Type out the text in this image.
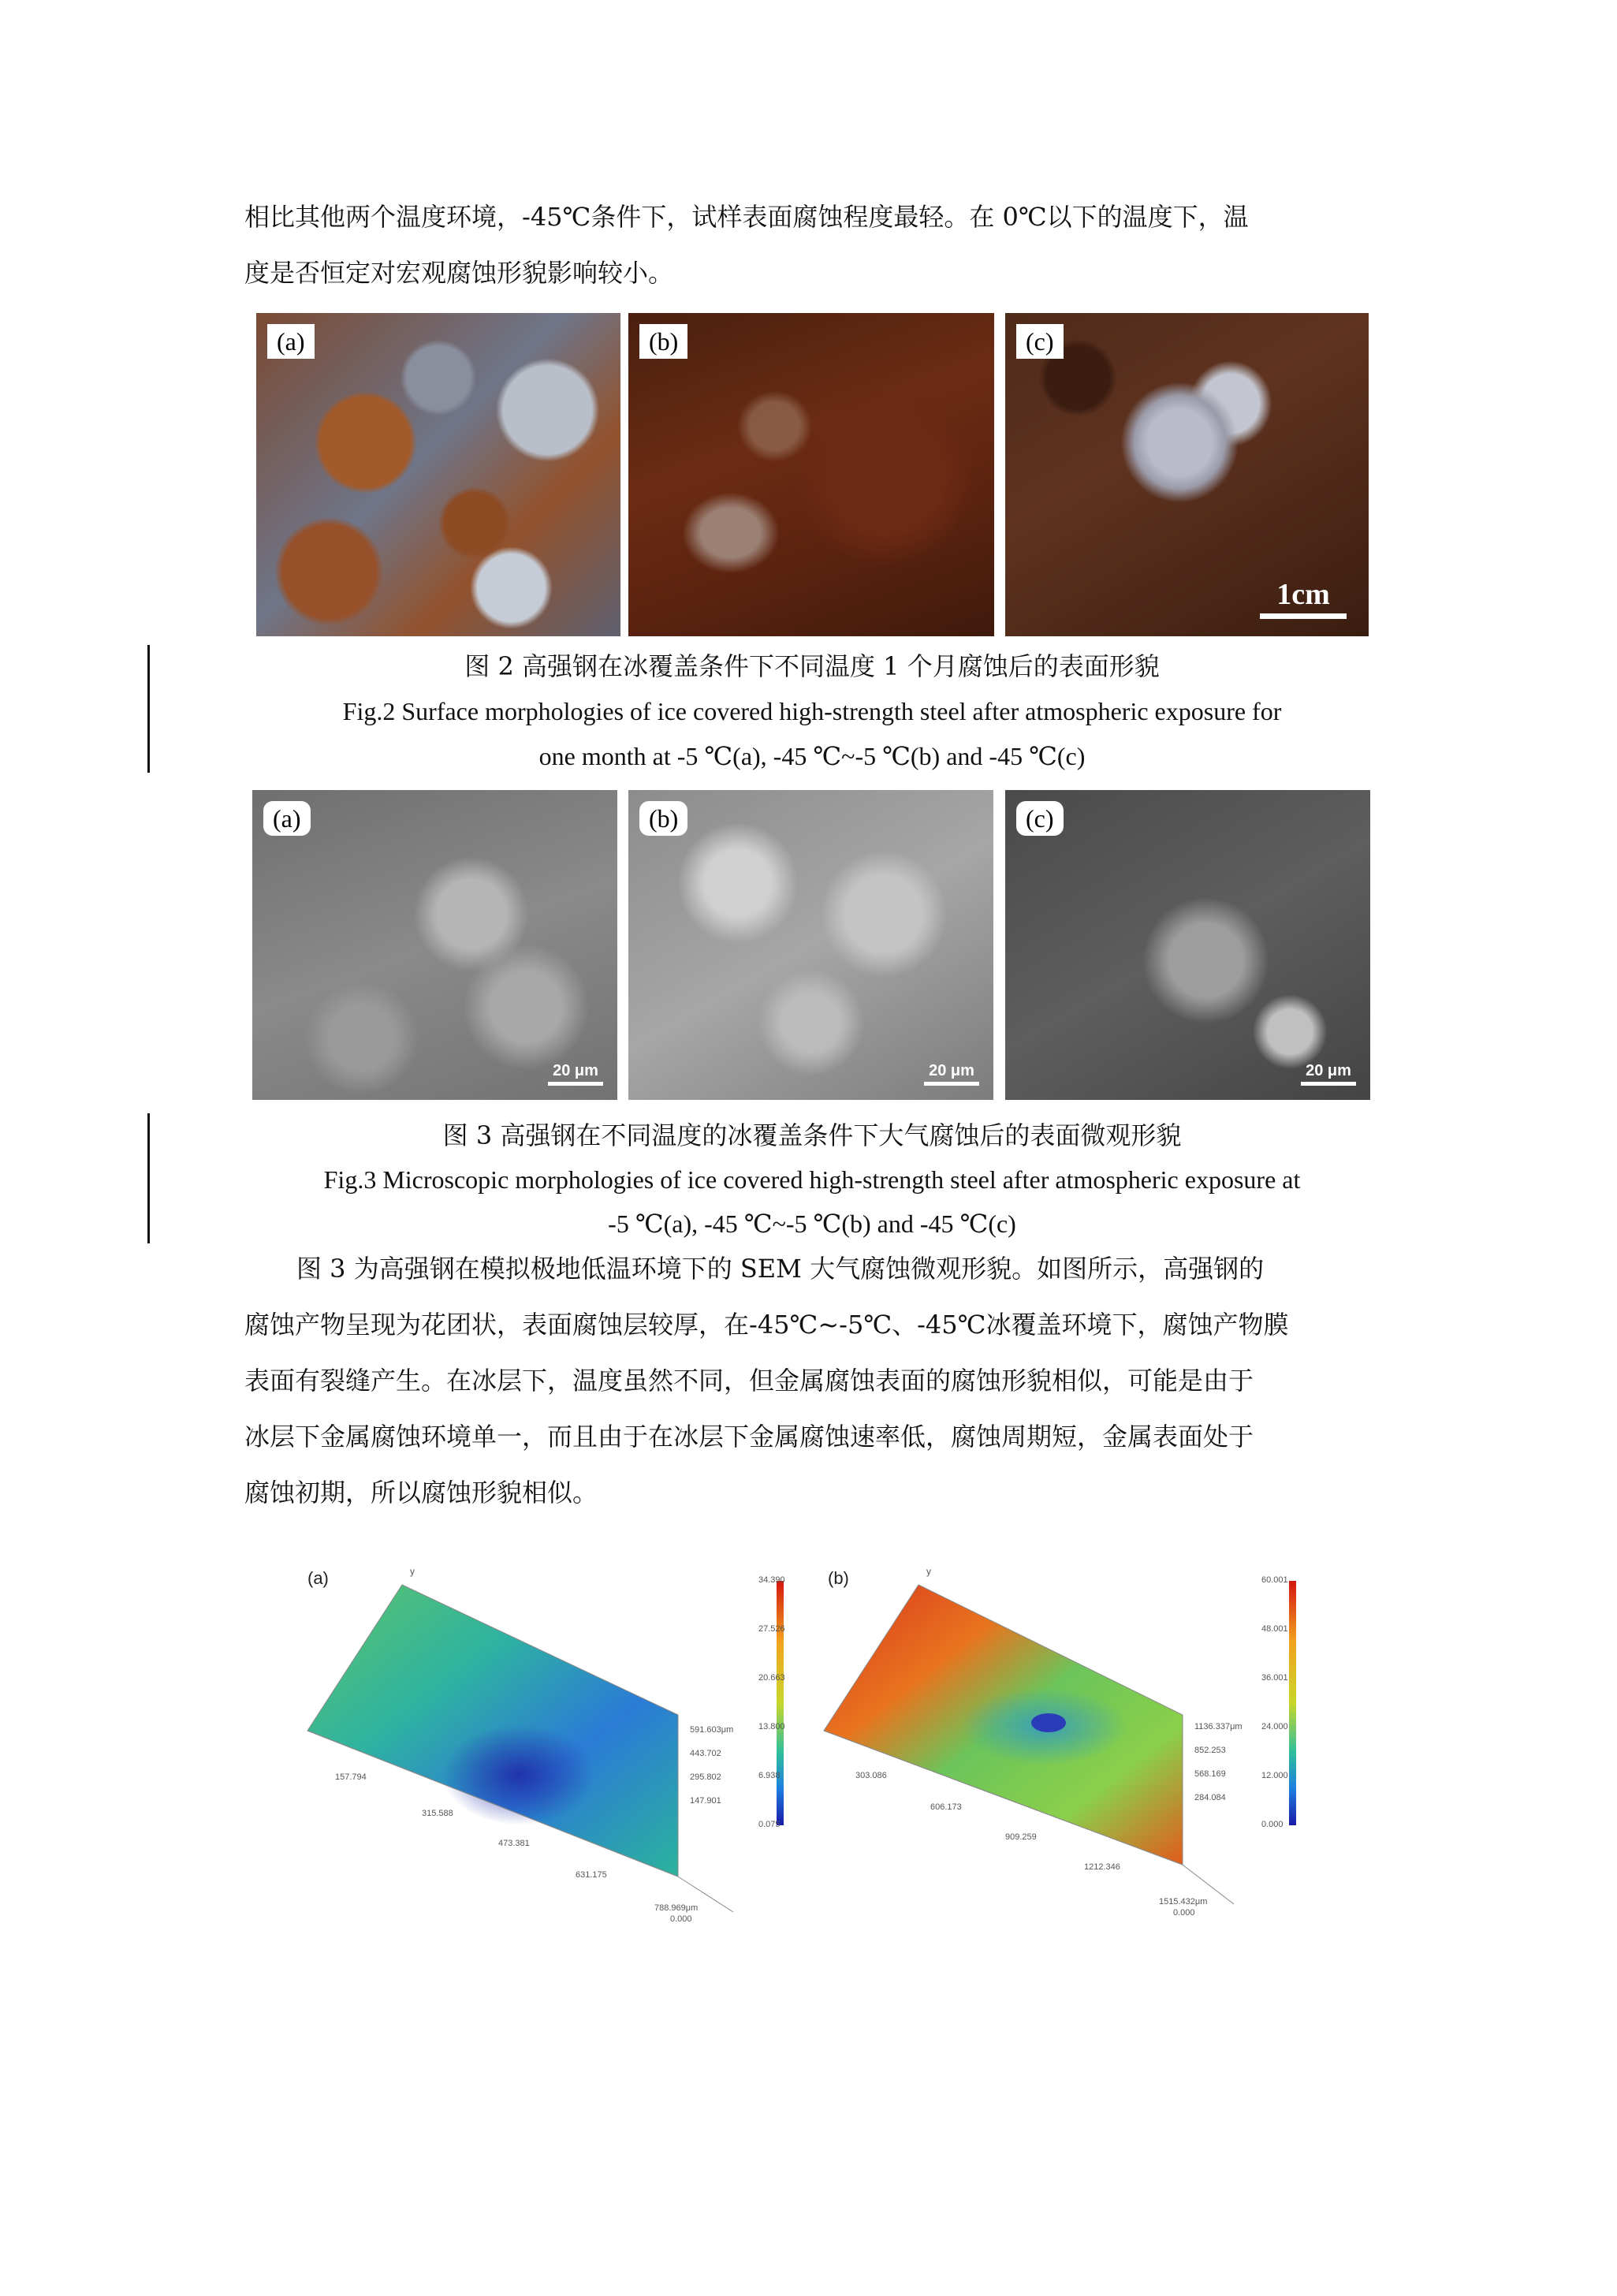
相比其他两个温度环境，-45℃条件下，试样表面腐蚀程度最轻。在 0℃以下的温度下，温
度是否恒定对宏观腐蚀形貌影响较小。
(a)	(b)	(c)
1cm
图 2 高强钢在冰覆盖条件下不同温度 1 个月腐蚀后的表面形貌
Fig.2 Surface morphologies of ice covered high-strength steel after atmospheric exposure for
one month at -5 ℃(a), -45 ℃~-5 ℃(b) and -45 ℃(c)
(a)
20 μm
(b)
20 μm
(c)
20 μm
图 3 高强钢在不同温度的冰覆盖条件下大气腐蚀后的表面微观形貌
Fig.3 Microscopic morphologies of ice covered high-strength steel after atmospheric exposure at
-5 ℃(a), -45 ℃~-5 ℃(b) and -45 ℃(c)
图 3 为高强钢在模拟极地低温环境下的 SEM 大气腐蚀微观形貌。如图所示，高强钢的
腐蚀产物呈现为花团状，表面腐蚀层较厚，在-45℃~-5℃、-45℃冰覆盖环境下，腐蚀产物膜
表面有裂缝产生。在冰层下，温度虽然不同，但金属腐蚀表面的腐蚀形貌相似，可能是由于
冰层下金属腐蚀环境单一，而且由于在冰层下金属腐蚀速率低，腐蚀周期短，金属表面处于
腐蚀初期，所以腐蚀形貌相似。
(a)	y
591.603μm
443.702
295.802
147.901
157.794
315.588
473.381
631.175
788.969μm
0.000
34.390
27.526
20.663
13.800
6.938
0.075
(b)	y
1136.337μm
852.253
568.169
284.084
303.086
606.173
909.259
1212.346
1515.432μm
0.000
60.001
48.001
36.001
24.000
12.000
0.000
